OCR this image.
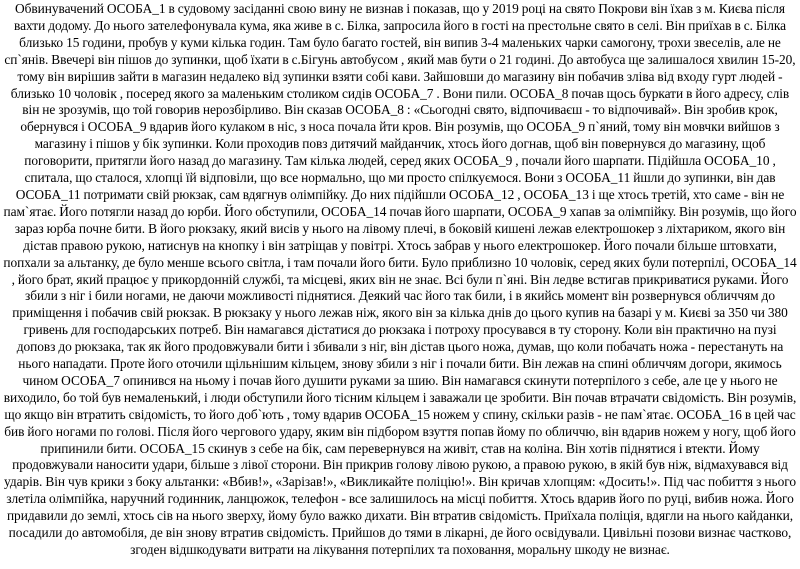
Обвинувачений ОСОБА_1 в судовому засіданні свою вину не визнав і показав, що у 2019 році на свято Покрови він їхав з м. Києва після вахти додому. До нього зателефонувала кума, яка живе в с. Білка, запросила його в гості на престольне свято в селі. Він приїхав в с. Білка близько 15 години, пробув у куми кілька годин. Там було багато гостей, він випив 3-4 маленьких чарки самогону, трохи звеселів, але не сп`янів. Ввечері він пішов до зупинки, щоб їхати в с.Бігунь автобусом , який мав бути о 21 годині. До автобуса ще залишалося хвилин 15-20, тому він вирішив зайти в магазин недалеко від зупинки взяти собі кави. Зайшовши до магазину він побачив зліва від входу гурт людей - близько 10 чоловік , посеред якого за маленьким столиком сидів ОСОБА_7 . Вони пили. ОСОБА_8 почав щось буркати в його адресу, слів він не зрозумів, що той говорив нерозбірливо. Він сказав ОСОБА_8 : «Сьогодні свято, відпочиваєш - то відпочивай». Він зробив крок, обернувся і ОСОБА_9 вдарив його кулаком в ніс, з носа почала йти кров. Він розумів, що ОСОБА_9 п`яний, тому він мовчки вийшов з магазину і пішов у бік зупинки. Коли проходив повз дитячий майданчик, хтось його догнав, щоб він повернувся до магазину, щоб поговорити, притягли його назад до магазину. Там кілька людей, серед яких ОСОБА_9 , почали його шарпати. Підійшла ОСОБА_10 , спитала, що сталося, хлопці їй відповіли, що все нормально, що ми просто спілкуємося. Вони з ОСОБА_11 йшли до зупинки, він дав ОСОБА_11 потримати свій рюкзак, сам вдягнув олімпійку. До них підійшли ОСОБА_12 , ОСОБА_13 і ще хтось третій, хто саме - він не пам`ятає. Його потягли назад до юрби. Його обступили, ОСОБА_14 почав його шарпати, ОСОБА_9 хапав за олімпійку. Він розумів, що його зараз юрба почне бити. В його рюкзаку, який висів у нього на лівому плечі, в боковій кишені лежав електрошокер з ліхтариком, якого він дістав правою рукою, натиснув на кнопку і він затріщав у повітрі. Хтось забрав у нього електрошокер. Його почали більше штовхати, попхали за альтанку, де було менше всього світла, і там почали його бити. Було приблизно 10 чоловік, серед яких були потерпілі, ОСОБА_14 , його брат, який працює у прикордонній службі, та місцеві, яких він не знає. Всі були п`яні. Він ледве встигав прикриватися руками. Його збили з ніг і били ногами, не даючи можливості піднятися. Деякий час його так били, і в якийсь момент він розвернувся обличчям до приміщення і побачив свій рюкзак. В рюкзаку у нього лежав ніж, якого він за кілька днів до цього купив на базарі у м. Києві за 350 чи 380 гривень для господарських потреб. Він намагався дістатися до рюкзака і потроху просувався в ту сторону. Коли він практично на пузі доповз до рюкзака, так як його продовжували бити і збивали з ніг, він дістав цього ножа, думав, що коли побачать ножа - перестануть на нього нападати. Проте його оточили щільнішим кільцем, знову збили з ніг і почали бити. Він лежав на спині обличчям догори, якимось чином ОСОБА_7 опинився на ньому і почав його душити руками за шию. Він намагався скинути потерпілого з себе, але це у нього не виходило, бо той був немаленький, і люди обступили його тісним кільцем і заважали це зробити. Він почав втрачати свідомість. Він розумів, що якщо він втратить свідомість, то його доб`ють , тому вдарив ОСОБА_15 ножем у спину, скільки разів - не пам`ятає. ОСОБА_16 в цей час бив його ногами по голові. Після його чергового удару, яким він підбором взуття попав йому по обличчю, він вдарив ножем у ногу, щоб його припинили бити. ОСОБА_15 скинув з себе на бік, сам перевернувся на живіт, став на коліна. Він хотів піднятися і втекти. Йому продовжували наносити удари, більше з лівої сторони. Він прикрив голову лівою рукою, а правою рукою, в якій був ніж, відмахувався від ударів. Він чув крики з боку альтанки: «Вбив!», «Зарізав!», «Викликайте поліцію!». Він кричав хлопцям: «Досить!». Під час побиття з нього злетіла олімпійка, наручний годинник, ланцюжок, телефон - все залишилось на місці побиття. Хтось вдарив його по руці, вибив ножа. Його придавили до землі, хтось сів на нього зверху, йому було важко дихати. Він втратив свідомість. Приїхала поліція, вдягли на нього кайданки, посадили до автомобіля, де він знову втратив свідомість. Прийшов до тями в лікарні, де його освідували. Цивільні позови визнає частково, згоден відшкодувати витрати на лікування потерпілих та поховання, моральну шкоду не визнає.
